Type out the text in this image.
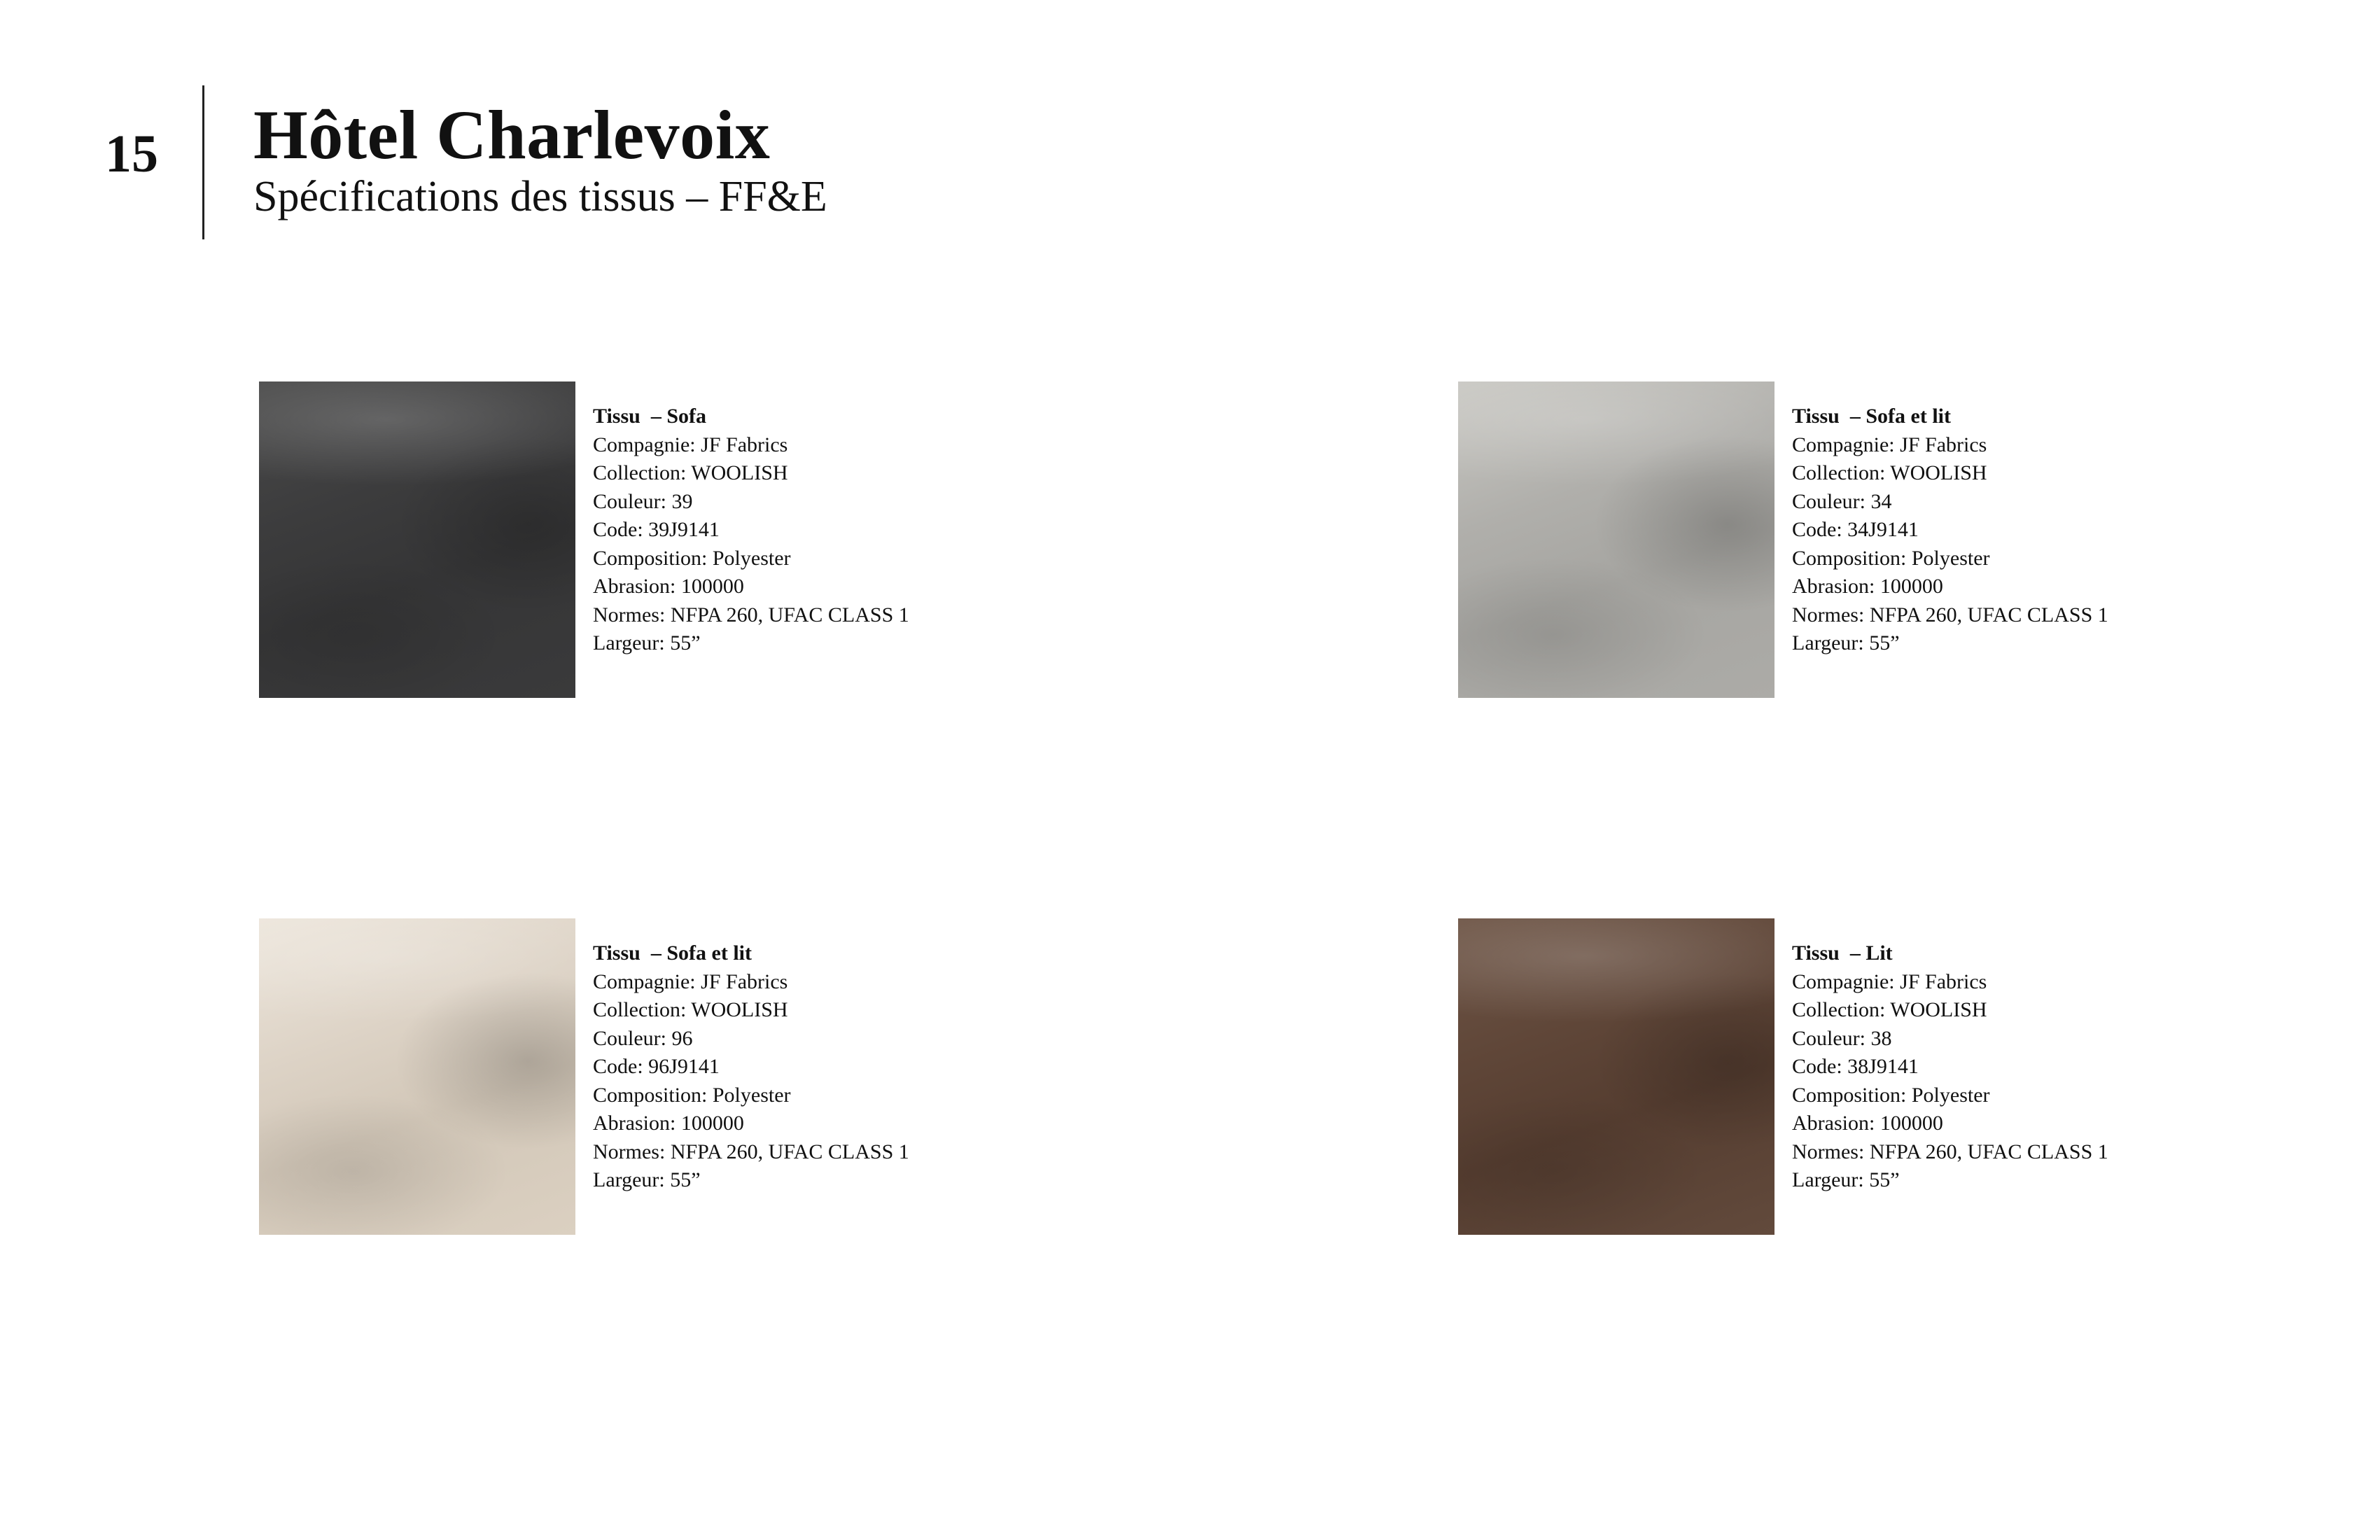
15 Hôtel Charlevoix
Spécifications des tissus – FF&E
Tissu  – Sofa
Compagnie: JF Fabrics
Collection: WOOLISH
Couleur: 39
Code: 39J9141
Composition: Polyester
Abrasion: 100000
Normes: NFPA 260, UFAC CLASS 1
Largeur: 55”
Tissu  – Sofa et lit
Compagnie: JF Fabrics
Collection: WOOLISH
Couleur: 34
Code: 34J9141
Composition: Polyester
Abrasion: 100000
Normes: NFPA 260, UFAC CLASS 1
Largeur: 55”
Tissu  – Sofa et lit
Compagnie: JF Fabrics
Collection: WOOLISH
Couleur: 96
Code: 96J9141
Composition: Polyester
Abrasion: 100000
Normes: NFPA 260, UFAC CLASS 1
Largeur: 55”
Tissu  – Lit
Compagnie: JF Fabrics
Collection: WOOLISH
Couleur: 38
Code: 38J9141
Composition: Polyester
Abrasion: 100000
Normes: NFPA 260, UFAC CLASS 1
Largeur: 55”
